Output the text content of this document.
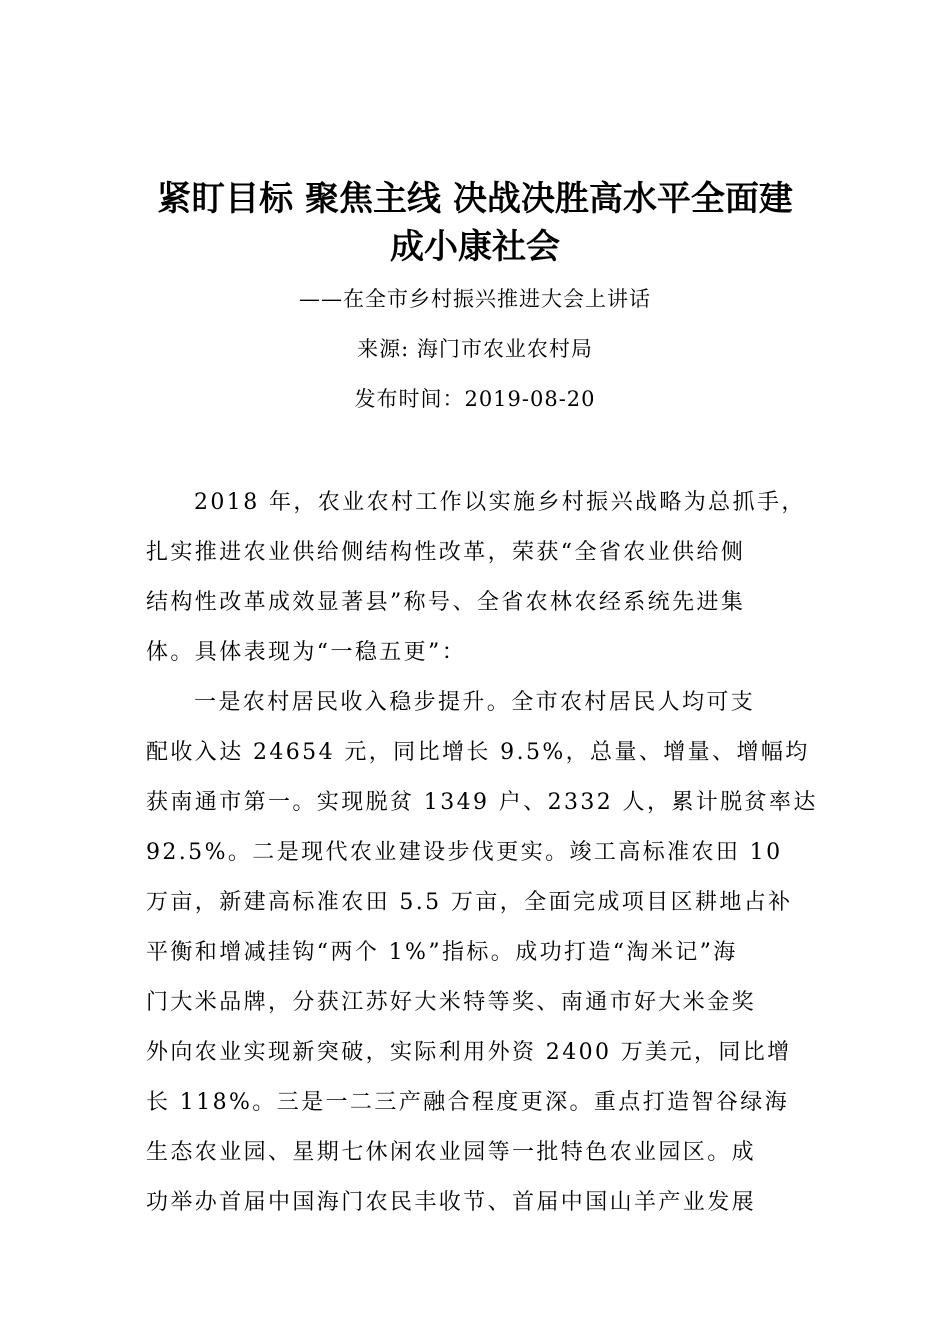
紧盯目标 聚焦主线 决战决胜高水平全面建
成小康社会

——在全市乡村振兴推进大会上讲话

来源: 海门市农业农村局

发布时间：2019-08-20

2018 年，农业农村工作以实施乡村振兴战略为总抓手，

扎实推进农业供给侧结构性改革，荣获“全省农业供给侧

结构性改革成效显著县”称号、全省农林农经系统先进集

体。具体表现为“一稳五更”：

一是农村居民收入稳步提升。全市农村居民人均可支

配收入达 24654 元，同比增长 9.5%，总量、增量、增幅均

获南通市第一。实现脱贫 1349 户、2332 人，累计脱贫率达

92.5%。二是现代农业建设步伐更实。竣工高标准农田 10

万亩，新建高标准农田 5.5 万亩，全面完成项目区耕地占补

平衡和增减挂钩“两个 1%”指标。成功打造“淘米记”海

门大米品牌，分获江苏好大米特等奖、南通市好大米金奖

外向农业实现新突破，实际利用外资 2400 万美元，同比增

长 118%。三是一二三产融合程度更深。重点打造智谷绿海

生态农业园、星期七休闲农业园等一批特色农业园区。成

功举办首届中国海门农民丰收节、首届中国山羊产业发展
